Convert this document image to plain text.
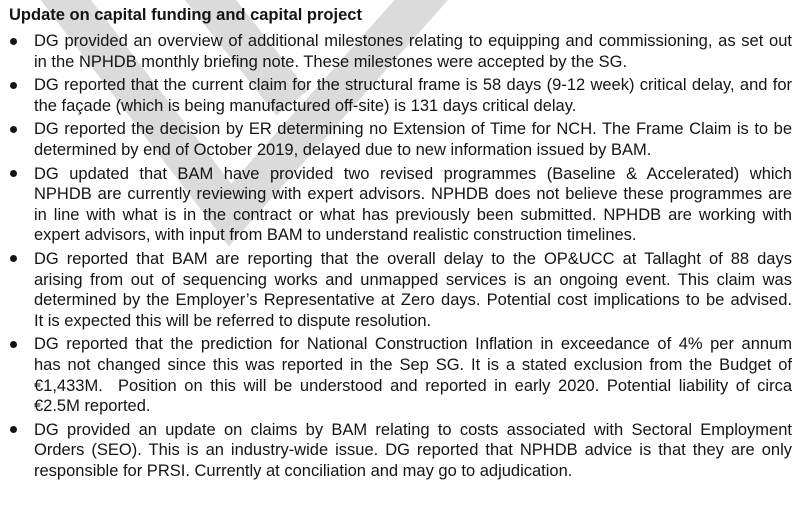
Update on capital funding and capital project
DG provided an overview of additional milestones relating to equipping and commissioning, as set out
in the NPHDB monthly briefing note. These milestones were accepted by the SG.
DG reported that the current claim for the structural frame is 58 days (9-12 week) critical delay, and for
the façade (which is being manufactured off-site) is 131 days critical delay.
DG reported the decision by ER determining no Extension of Time for NCH. The Frame Claim is to be
determined by end of October 2019, delayed due to new information issued by BAM.
DG updated that BAM have provided two revised programmes (Baseline & Accelerated) which
NPHDB are currently reviewing with expert advisors. NPHDB does not believe these programmes are
in line with what is in the contract or what has previously been submitted. NPHDB are working with
expert advisors, with input from BAM to understand realistic construction timelines.
DG reported that BAM are reporting that the overall delay to the OP&UCC at Tallaght of 88 days
arising from out of sequencing works and unmapped services is an ongoing event. This claim was
determined by the Employer’s Representative at Zero days. Potential cost implications to be advised.
It is expected this will be referred to dispute resolution.
DG reported that the prediction for National Construction Inflation in exceedance of 4% per annum
has not changed since this was reported in the Sep SG. It is a stated exclusion from the Budget of
€1,433M.  Position on this will be understood and reported in early 2020. Potential liability of circa
€2.5M reported.
DG provided an update on claims by BAM relating to costs associated with Sectoral Employment
Orders (SEO). This is an industry-wide issue. DG reported that NPHDB advice is that they are only
responsible for PRSI. Currently at conciliation and may go to adjudication.
